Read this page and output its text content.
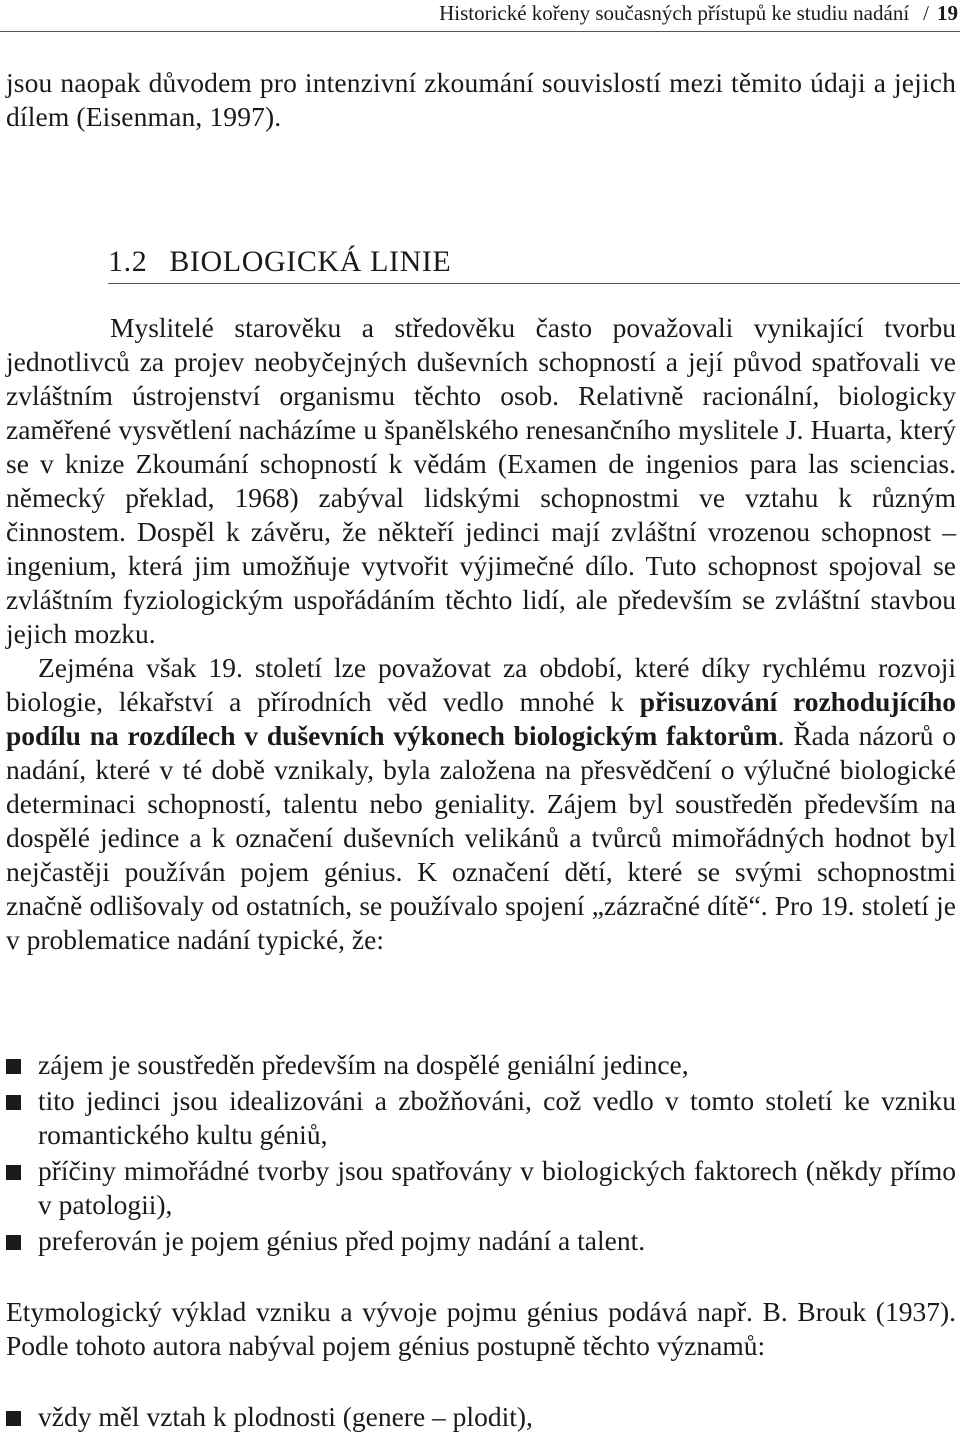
Historické kořeny současných přístupů ke studiu nadání / 19

jsou naopak důvodem pro intenzivní zkoumání souvislostí mezi těmito údaji a jejich dílem (Eisenman, 1997).

1.2 BIOLOGICKÁ LINIE
Myslitelé starověku a středověku často považovali vynikající tvorbu jednotlivců za projev neobyčejných duševních schopností a její původ spatřovali ve zvláštním ústrojenství organismu těchto osob. Relativně racionální, biologicky zaměřené vysvětlení nacházíme u španělského renesančního myslitele J. Huarta, který se v knize Zkoumání schopností k vědám (Examen de ingenios para las sciencias. německý překlad, 1968) zabýval lidskými schopnostmi ve vztahu k různým činnostem. Dospěl k závěru, že někteří jedinci mají zvláštní vrozenou schopnost – ingenium, která jim umožňuje vytvořit výjimečné dílo. Tuto schopnost spojoval se zvláštním fyziologickým uspořádáním těchto lidí, ale především se zvláštní stavbou jejich mozku.
Zejména však 19. století lze považovat za období, které díky rychlému rozvoji biologie, lékařství a přírodních věd vedlo mnohé k přisuzování rozhodujícího podílu na rozdílech v duševních výkonech biologickým faktorům. Řada názorů o nadání, které v té době vznikaly, byla založena na přesvědčení o výlučné biologické determinaci schopností, talentu nebo geniality. Zájem byl soustředěn především na dospělé jedince a k označení duševních velikánů a tvůrců mimořádných hodnot byl nejčastěji používán pojem génius. K označení dětí, které se svými schopnostmi značně odlišovaly od ostatních, se používalo spojení „zázračné dítě“. Pro 19. století je v problematice nadání typické, že:
zájem je soustředěn především na dospělé geniální jedince,
tito jedinci jsou idealizováni a zbožňováni, což vedlo v tomto století ke vzniku romantického kultu géniů,
příčiny mimořádné tvorby jsou spatřovány v biologických faktorech (někdy přímo v patologii),
preferován je pojem génius před pojmy nadání a talent.

Etymologický výklad vzniku a vývoje pojmu génius podává např. B. Brouk (1937). Podle tohoto autora nabýval pojem génius postupně těchto významů:

vždy měl vztah k plodnosti (genere – plodit),
